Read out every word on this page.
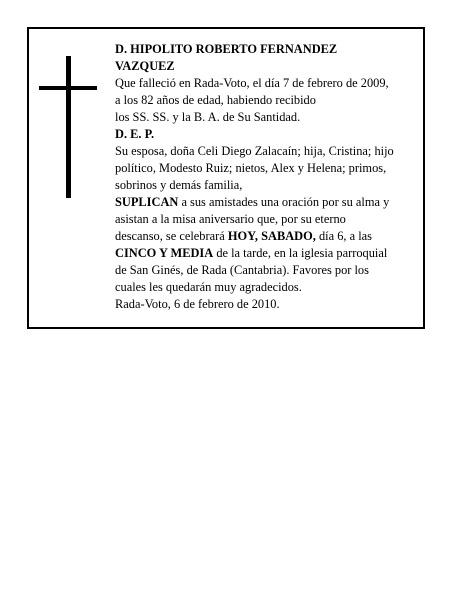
D. HIPOLITO ROBERTO FERNANDEZ
VAZQUEZ
Que falleció en Rada-Voto, el día 7 de febrero de 2009,
a los 82 años de edad, habiendo recibido
los SS. SS. y la B. A. de Su Santidad.
D. E. P.
Su esposa, doña Celi Diego Zalacaín; hija, Cristina; hijo
político, Modesto Ruiz; nietos, Alex y Helena; primos,
sobrinos y demás familia,
SUPLICAN a sus amistades una oración por su alma y
asistan a la misa aniversario que, por su eterno
descanso, se celebrará HOY, SABADO, día 6, a las
CINCO Y MEDIA de la tarde, en la iglesia parroquial
de San Ginés, de Rada (Cantabria). Favores por los
cuales les quedarán muy agradecidos.
Rada-Voto, 6 de febrero de 2010.
